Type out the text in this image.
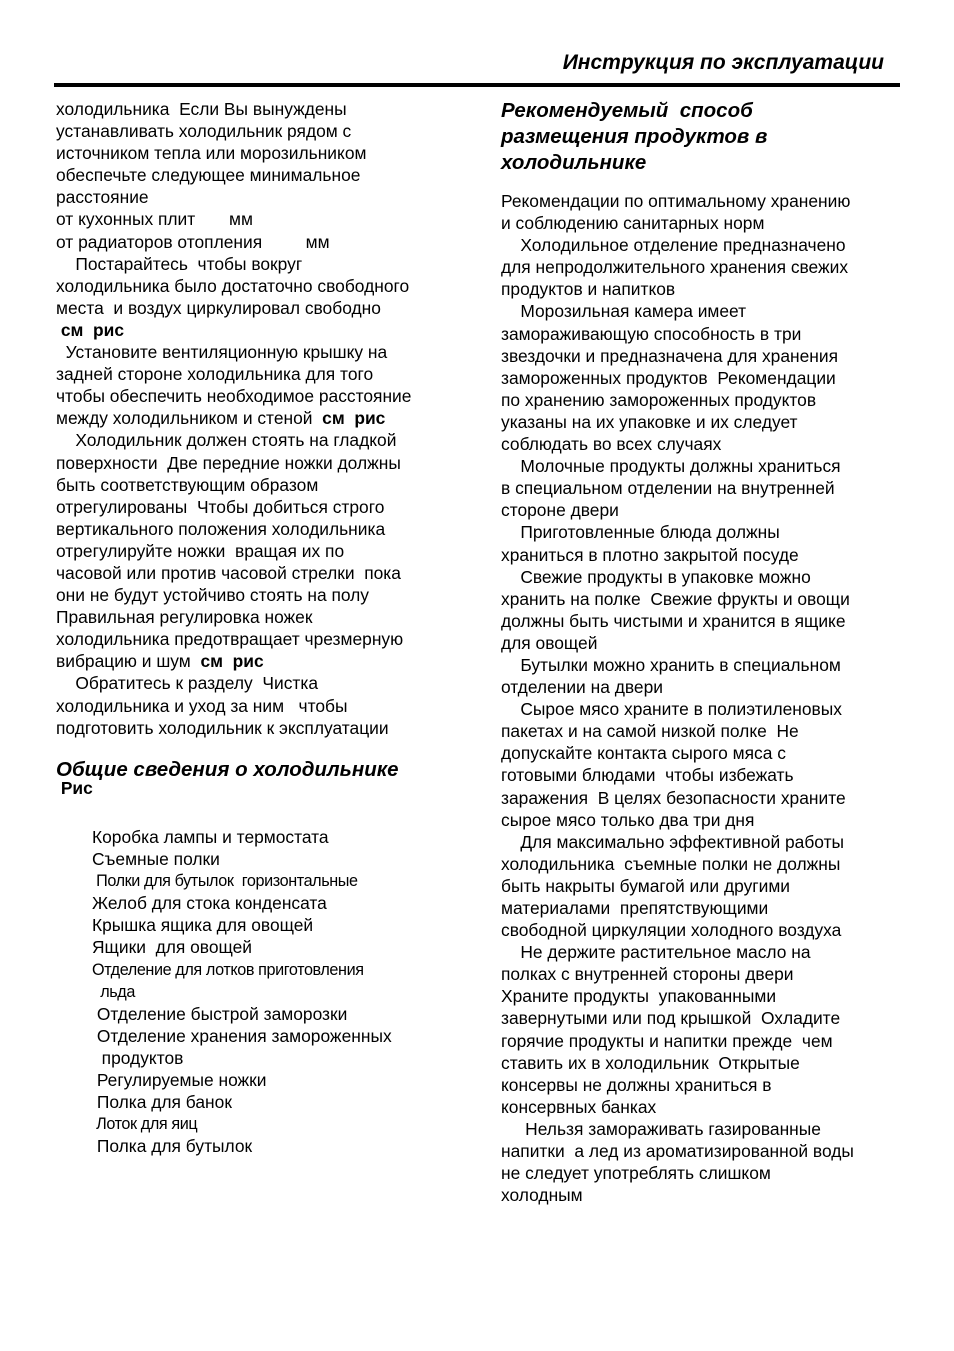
Инструкция по эксплуатации
холодильника  Если Вы вынуждены
устанавливать холодильник рядом с
источником тепла или морозильником
обеспечьте следующее минимальное
расстояние
от кухонных плит       мм
от радиаторов отопления         мм
Постарайтесь  чтобы вокруг
холодильника было достаточно свободного
места  и воздух циркулировал свободно
см  рис
Установите вентиляционную крышку на
задней стороне холодильника для того
чтобы обеспечить необходимое расстояние
между холодильником и стеной  см  рис
Холодильник должен стоять на гладкой
поверхности  Две передние ножки должны
быть соответствующим образом
отрегулированы  Чтобы добиться строго
вертикального положения холодильника
отрегулируйте ножки  вращая их по
часовой или против часовой стрелки  пока
они не будут устойчиво стоять на полу
Правильная регулировка ножек
холодильника предотвращает чрезмерную
вибрацию и шум  см  рис
Обратитесь к разделу  Чистка
холодильника и уход за ним   чтобы
подготовить холодильник к эксплуатации
Общие сведения о холодильнике
Рис
Коробка лампы и термостата
Съемные полки
Полки для бутылок  горизонтальные
Желоб для стока конденсата
Крышка ящика для овощей
Ящики  для овощей
Отделение для лотков приготовления
льда
Отделение быстрой заморозки
Отделение хранения замороженных
продуктов
Регулируемые ножки
Полка для банок
Лоток для яиц
Полка для бутылок
Рекомендуемый  способ
размещения продуктов в
холодильнике
Рекомендации по оптимальному хранению
и соблюдению санитарных норм
Холодильное отделение предназначено
для непродолжительного хранения свежих
продуктов и напитков
Морозильная камера имеет
замораживающую способность в три
звездочки и предназначена для хранения
замороженных продуктов  Рекомендации
по хранению замороженных продуктов
указаны на их упаковке и их следует
соблюдать во всех случаях
Молочные продукты должны храниться
в специальном отделении на внутренней
стороне двери
Приготовленные блюда должны
храниться в плотно закрытой посуде
Свежие продукты в упаковке можно
хранить на полке  Свежие фрукты и овощи
должны быть чистыми и хранится в ящике
для овощей
Бутылки можно хранить в специальном
отделении на двери
Сырое мясо храните в полиэтиленовых
пакетах и на самой низкой полке  Не
допускайте контакта сырого мяса с
готовыми блюдами  чтобы избежать
заражения  В целях безопасности храните
сырое мясо только два три дня
Для максимально эффективной работы
холодильника  съемные полки не должны
быть накрыты бумагой или другими
материалами  препятствующими
свободной циркуляции холодного воздуха
Не держите растительное масло на
полках с внутренней стороны двери
Храните продукты  упакованными
завернутыми или под крышкой  Охладите
горячие продукты и напитки прежде  чем
ставить их в холодильник  Открытые
консервы не должны храниться в
консервных банках
Нельзя замораживать газированные
напитки  а лед из ароматизированной воды
не следует употреблять слишком
холодным
